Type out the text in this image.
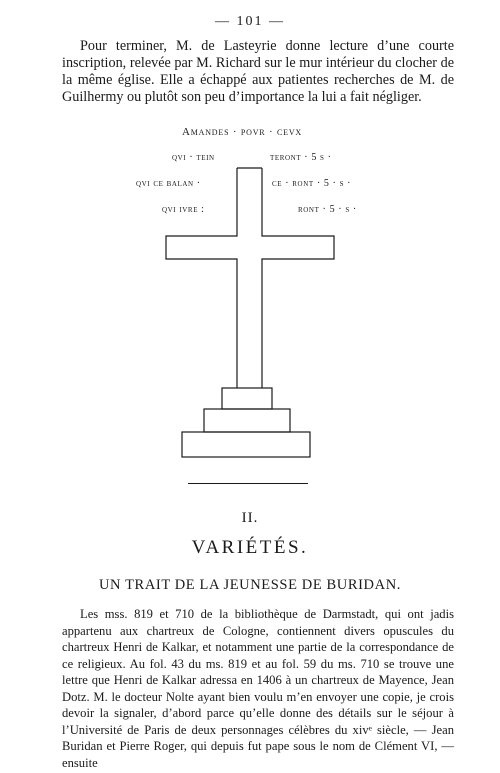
— 101 —

Pour terminer, M. de Lasteyrie donne lecture d’une courte inscription, relevée par M. Richard sur le mur intérieur du clocher de la même église. Elle a échappé aux patientes recherches de M. de Guilhermy ou plutôt son peu d’importance la lui a fait négliger.

Amandes · povr · cevx
qvi · tein
qvi ce balan ·
qvi ivre :
teront · 5 s ·
ce · ront · 5 · s ·
ront · 5 · s ·
II.
VARIÉTÉS.
UN TRAIT DE LA JEUNESSE DE BURIDAN.

Les mss. 819 et 710 de la bibliothèque de Darmstadt, qui ont jadis appartenu aux chartreux de Cologne, contiennent divers opuscules du chartreux Henri de Kalkar, et notamment une partie de la correspondance de ce religieux. Au fol. 43 du ms. 819 et au fol. 59 du ms. 710 se trouve une lettre que Henri de Kalkar adressa en 1406 à un chartreux de Mayence, Jean Dotz. M. le docteur Nolte ayant bien voulu m’en envoyer une copie, je crois devoir la signaler, d’abord parce qu’elle donne des détails sur le séjour à l’Université de Paris de deux personnages célèbres du xivᵉ siècle, — Jean Buridan et Pierre Roger, qui depuis fut pape sous le nom de Clément VI, — ensuite
